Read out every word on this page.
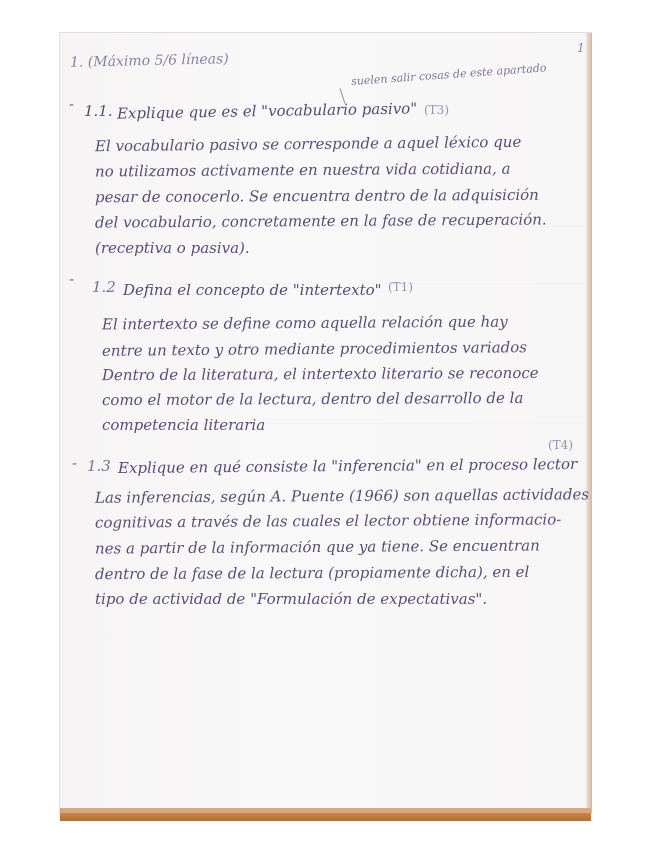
1. (Máximo 5/6 líneas)
1
suelen salir cosas de este apartado
- 1.1. Explique que es el "vocabulario pasivo" (T3)
El vocabulario pasivo se corresponde a aquel léxico que
no utilizamos activamente en nuestra vida cotidiana, a
pesar de conocerlo. Se encuentra dentro de la adquisición
del vocabulario, concretamente en la fase de recuperación.
(receptiva o pasiva).
- 1.2 Defina el concepto de "intertexto" (T1)
El intertexto se define como aquella relación que hay
entre un texto y otro mediante procedimientos variados
Dentro de la literatura, el intertexto literario se reconoce
como el motor de la lectura, dentro del desarrollo de la
competencia literaria
- 1.3 Explique en qué consiste la "inferencia" en el proceso lector
(T4)
Las inferencias, según A. Puente (1966) son aquellas actividades
cognitivas a través de las cuales el lector obtiene informacio-
nes a partir de la información que ya tiene. Se encuentran
dentro de la fase de la lectura (propiamente dicha), en el
tipo de actividad de "Formulación de expectativas".
